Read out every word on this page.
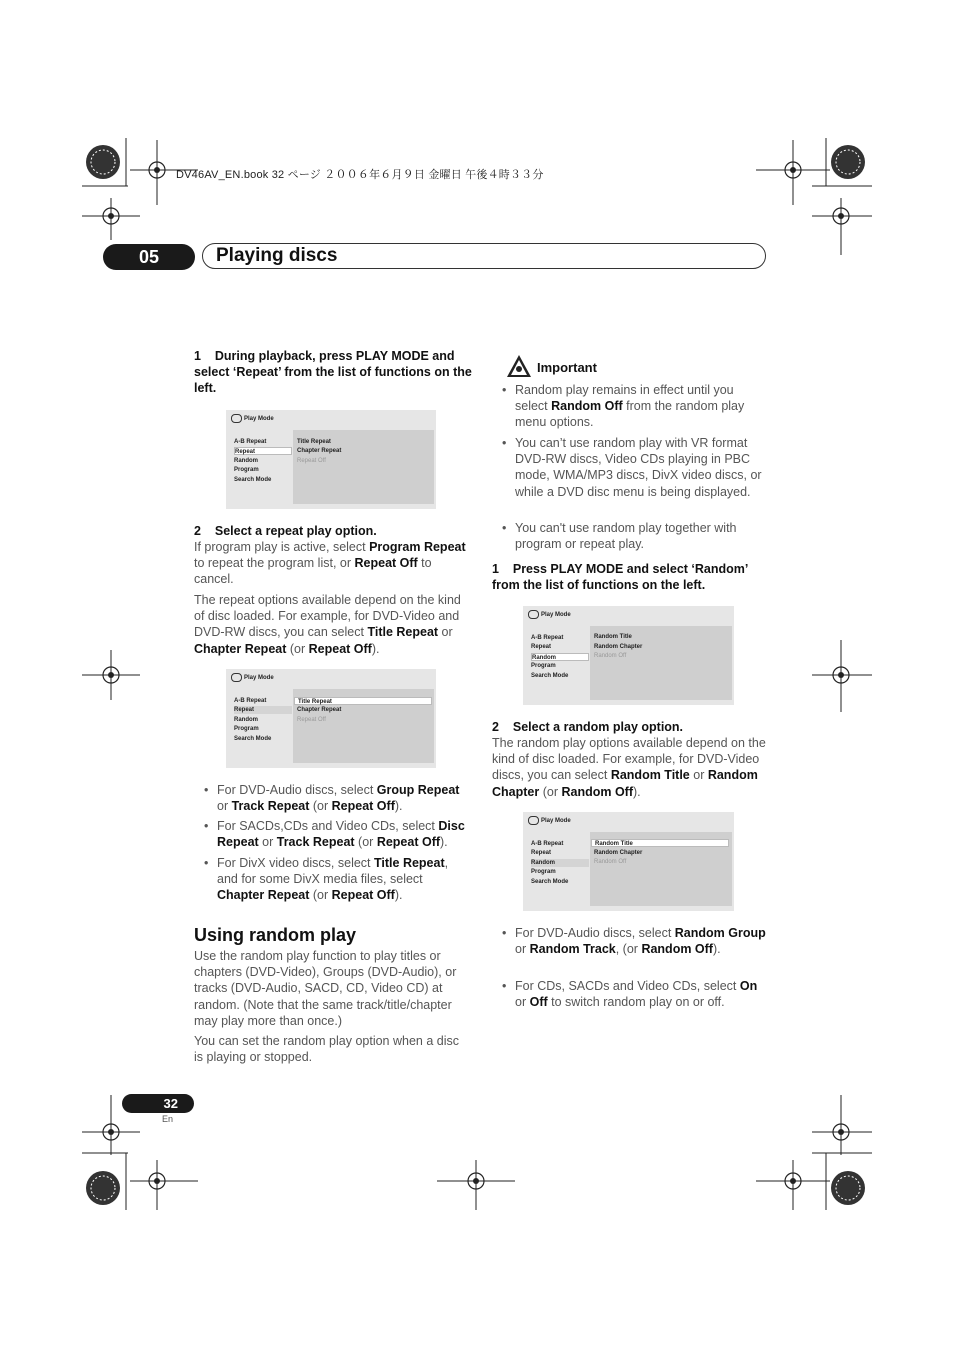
DV46AV_EN.book 32 ページ ２００６年６月９日 金曜日 午後４時３３分
05	Playing discs
1 During playback, press PLAY MODE and select ‘Repeat’ from the list of functions on the left.
Play Mode
A-B Repeat
Repeat
Random
Program
Search Mode
Title Repeat
Chapter Repeat
Repeat Off
2 Select a repeat play option.
If program play is active, select Program Repeat to repeat the program list, or Repeat Off to cancel.
The repeat options available depend on the kind of disc loaded. For example, for DVD-Video and DVD-RW discs, you can select Title Repeat or Chapter Repeat (or Repeat Off).
Play Mode
A-B Repeat
Repeat
Random
Program
Search Mode
Title Repeat
Chapter Repeat
Repeat Off
• For DVD-Audio discs, select Group Repeat or Track Repeat (or Repeat Off).
• For SACDs,CDs and Video CDs, select Disc Repeat or Track Repeat (or Repeat Off).
• For DivX video discs, select Title Repeat, and for some DivX media files, select Chapter Repeat (or Repeat Off).
Using random play
Use the random play function to play titles or chapters (DVD-Video), Groups (DVD-Audio), or tracks (DVD-Audio, SACD, CD, Video CD) at random. (Note that the same track/title/chapter may play more than once.)
You can set the random play option when a disc is playing or stopped.
Important
• Random play remains in effect until you select Random Off from the random play menu options.
• You can’t use random play with VR format DVD-RW discs, Video CDs playing in PBC mode, WMA/MP3 discs, DivX video discs, or while a DVD disc menu is being displayed.
• You can't use random play together with program or repeat play.
1 Press PLAY MODE and select ‘Random’ from the list of functions on the left.
Play Mode
A-B Repeat
Repeat
Random
Program
Search Mode
Random Title
Random Chapter
Random Off
2 Select a random play option.
The random play options available depend on the kind of disc loaded. For example, for DVD-Video discs, you can select Random Title or Random Chapter (or Random Off).
Play Mode
A-B Repeat
Repeat
Random
Program
Search Mode
Random Title
Random Chapter
Random Off
• For DVD-Audio discs, select Random Group or Random Track, (or Random Off).
• For CDs, SACDs and Video CDs, select On or Off to switch random play on or off.
32
En
